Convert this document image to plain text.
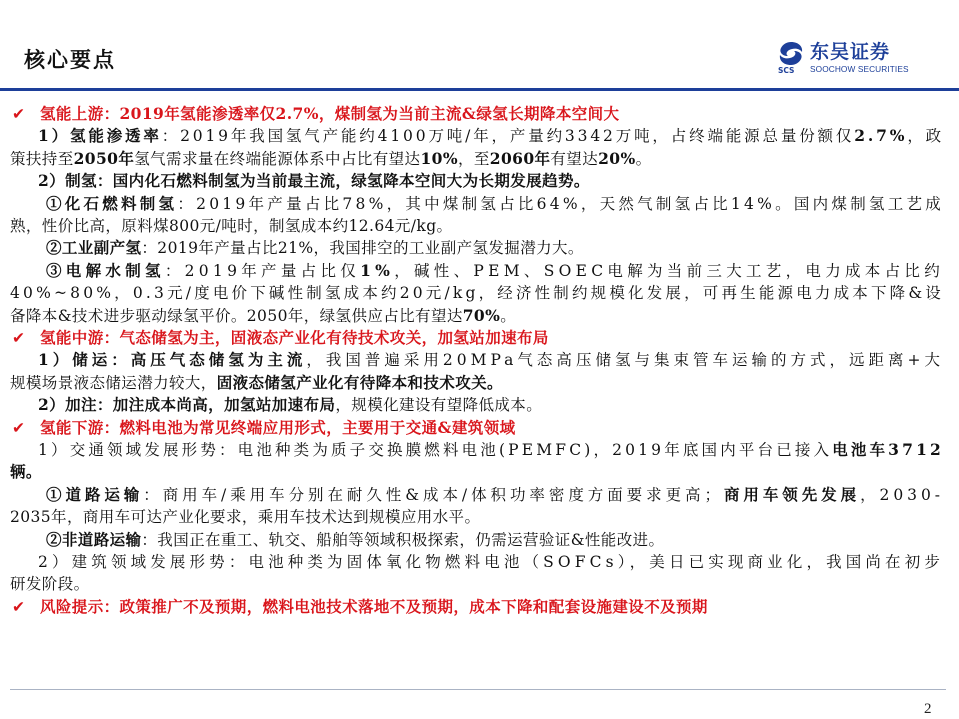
核心要点	SCS
东吴证券
SOOCHOW SECURITIES
✔ 氢能上游：2019年氢能渗透率仅2.7%，煤制氢为当前主流&绿氢长期降本空间大
1）氢能渗透率：2019年我国氢气产能约4100万吨/年，产量约3342万吨，占终端能源总量份额仅2.7%，政
策扶持至2050年氢气需求量在终端能源体系中占比有望达10%，至2060年有望达20%。
2）制氢：国内化石燃料制氢为当前最主流，绿氢降本空间大为长期发展趋势。
①化石燃料制氢：2019年产量占比78%，其中煤制氢占比64%，天然气制氢占比14%。国内煤制氢工艺成
熟，性价比高，原料煤800元/吨时，制氢成本约12.64元/kg。
②工业副产氢：2019年产量占比21%，我国排空的工业副产氢发掘潜力大。
③电解水制氢：2019年产量占比仅1%，碱性、PEM、SOEC电解为当前三大工艺，电力成本占比约
40%~80%，0.3元/度电价下碱性制氢成本约20元/kg，经济性制约规模化发展，可再生能源电力成本下降&设
备降本&技术进步驱动绿氢平价。2050年，绿氢供应占比有望达70%。
✔ 氢能中游：气态储氢为主，固液态产业化有待技术攻关，加氢站加速布局
1）储运：高压气态储氢为主流，我国普遍采用20MPa气态高压储氢与集束管车运输的方式，远距离+大
规模场景液态储运潜力较大，固液态储氢产业化有待降本和技术攻关。
2）加注：加注成本尚高，加氢站加速布局，规模化建设有望降低成本。
✔ 氢能下游：燃料电池为常见终端应用形式，主要用于交通&建筑领域
1）交通领域发展形势：电池种类为质子交换膜燃料电池(PEMFC)，2019年底国内平台已接入电池车3712
辆。
①道路运输：商用车/乘用车分别在耐久性&成本/体积功率密度方面要求更高；商用车领先发展，2030-
2035年，商用车可达产业化要求，乘用车技术达到规模应用水平。
②非道路运输：我国正在重工、轨交、船舶等领域积极探索，仍需运营验证&性能改进。
2）建筑领域发展形势：电池种类为固体氧化物燃料电池（SOFCs），美日已实现商业化，我国尚在初步
研发阶段。
✔ 风险提示：政策推广不及预期，燃料电池技术落地不及预期，成本下降和配套设施建设不及预期
2
